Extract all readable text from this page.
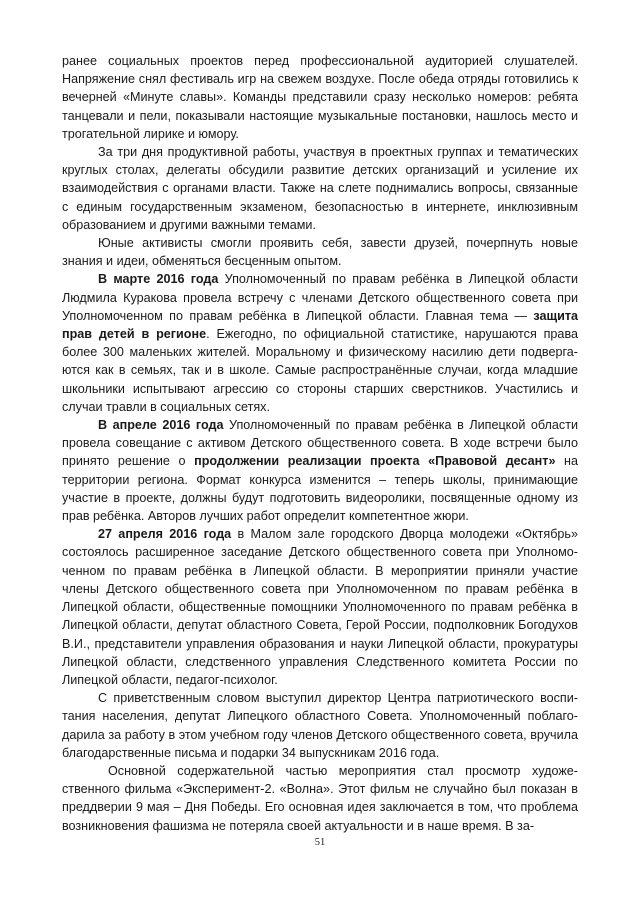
ранее социальных проектов перед профессиональной аудиторией слушателей. Напряжение снял фестиваль игр на свежем воздухе. После обеда отряды готовились к вечерней «Минуте славы». Команды представили сразу несколько номеров: ребята танцевали и пели, показывали настоящие музыкальные постановки, нашлось место и трогательной лирике и юмору.

За три дня продуктивной работы, участвуя в проектных группах и тематических круглых столах, делегаты обсудили развитие детских организаций и усиление их взаимодействия с органами власти. Также на слете поднимались вопросы, связанные с единым государственным экзаменом, безопасностью в интернете, инклюзивным образованием и другими важными темами.

Юные активисты смогли проявить себя, завести друзей, почерпнуть новые знания и идеи, обменяться бесценным опытом.

В марте 2016 года Уполномоченный по правам ребёнка в Липецкой области Людмила Куракова провела встречу с членами Детского общественного совета при Уполномоченном по правам ребёнка в Липецкой области. Главная тема — защита прав детей в регионе. Ежегодно, по официальной статистике, нарушаются права более 300 маленьких жителей. Моральному и физическому насилию дети подвергаются как в семьях, так и в школе. Самые распространённые случаи, когда младшие школьники испытывают агрессию со стороны старших сверстников. Участились и случаи травли в социальных сетях.

В апреле 2016 года Уполномоченный по правам ребёнка в Липецкой области провела совещание с активом Детского общественного совета. В ходе встречи было принято решение о продолжении реализации проекта «Правовой десант» на территории региона. Формат конкурса изменится – теперь школы, принимающие участие в проекте, должны будут подготовить видеоролики, посвященные одному из прав ребёнка. Авторов лучших работ определит компетентное жюри.

27 апреля 2016 года в Малом зале городского Дворца молодежи «Октябрь» состоялось расширенное заседание Детского общественного совета при Уполномоченном по правам ребёнка в Липецкой области. В мероприятии приняли участие члены Детского общественного совета при Уполномоченном по правам ребёнка в Липецкой области, общественные помощники Уполномоченного по правам ребёнка в Липецкой области, депутат областного Совета, Герой России, подполковник Богодухов В.И., представители управления образования и науки Липецкой области, прокуратуры Липецкой области, следственного управления Следственного комитета России по Липецкой области, педагог-психолог.

С приветственным словом выступил директор Центра патриотического воспитания населения, депутат Липецкого областного Совета. Уполномоченный поблагодарила за работу в этом учебном году членов Детского общественного совета, вручила благодарственные письма и подарки 34 выпускникам 2016 года.

Основной содержательной частью мероприятия стал просмотр художественного фильма «Эксперимент-2. «Волна». Этот фильм не случайно был показан в преддверии 9 мая – Дня Победы. Его основная идея заключается в том, что проблема возникновения фашизма не потеряла своей актуальности и в наше время. В за-

51
